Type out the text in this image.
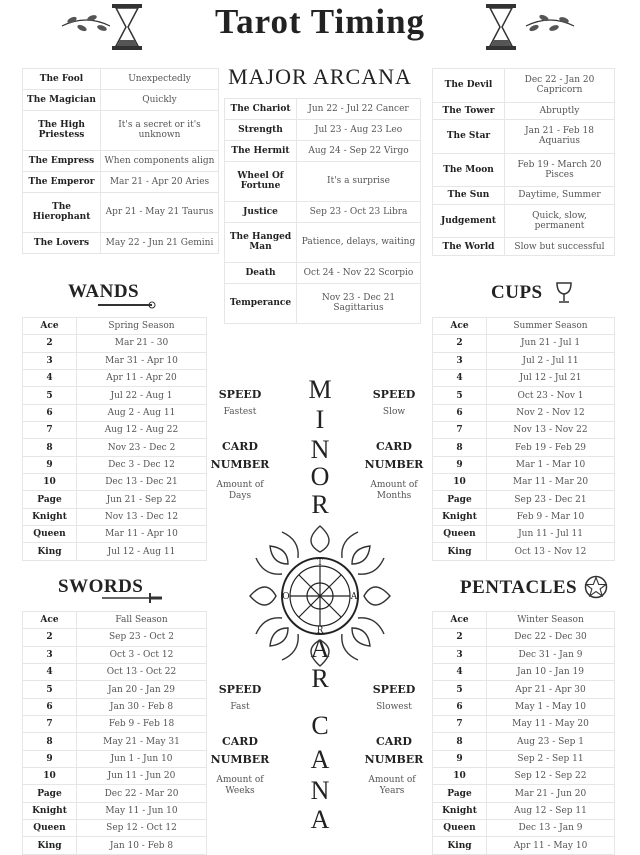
Tarot Timing
MAJOR ARCANA
The Fool	Unexpectedly
The Magician	Quickly
The High Priestess	It's a secret or it's unknown
The Empress	When components align
The Emperor	Mar 21 - Apr 20 Aries
The Hierophant	Apr 21 - May 21 Taurus
The Lovers	May 22 - Jun 21 Gemini
The Chariot	Jun 22 - Jul 22 Cancer
Strength	Jul 23 - Aug 23 Leo
The Hermit	Aug 24 - Sep 22 Virgo
Wheel Of Fortune	It's a surprise
Justice	Sep 23 - Oct 23 Libra
The Hanged Man	Patience, delays, waiting
Death	Oct 24 - Nov 22 Scorpio
Temperance	Nov 23 - Dec 21 Sagittarius
The Devil	Dec 22 - Jan 20 Capricorn
The Tower	Abruptly
The Star	Jan 21 - Feb 18 Aquarius
The Moon	Feb 19 - March 20 Pisces
The Sun	Daytime, Summer
Judgement	Quick, slow, permanent
The World	Slow but successful
WANDS	CUPS
SWORDS	PENTACLES
Ace	Spring Season
2	Mar 21 - 30
3	Mar 31 - Apr 10
4	Apr 11 - Apr 20
5	Jul 22 - Aug 1
6	Aug 2 - Aug 11
7	Aug 12 - Aug 22
8	Nov 23 - Dec 2
9	Dec 3 - Dec 12
10	Dec 13 - Dec 21
Page	Jun 21 - Sep 22
Knight	Nov 13 - Dec 12
Queen	Mar 11 - Apr 10
King	Jul 12 - Aug 11
Ace	Summer Season
2	Jun 21 - Jul 1
3	Jul 2 - Jul 11
4	Jul 12 - Jul 21
5	Oct 23 - Nov 1
6	Nov 2 - Nov 12
7	Nov 13 - Nov 22
8	Feb 19 - Feb 29
9	Mar 1 - Mar 10
10	Mar 11 - Mar 20
Page	Sep 23 - Dec 21
Knight	Feb 9 - Mar 10
Queen	Jun 11 - Jul 11
King	Oct 13 - Nov 12
Ace	Fall Season
2	Sep 23 - Oct 2
3	Oct 3 - Oct 12
4	Oct 13 - Oct 22
5	Jan 20 - Jan 29
6	Jan 30 - Feb 8
7	Feb 9 - Feb 18
8	May 21 - May 31
9	Jun 1 - Jun 10
10	Jun 11 - Jun 20
Page	Dec 22 - Mar 20
Knight	May 11 - Jun 10
Queen	Sep 12 - Oct 12
King	Jan 10 - Feb 8
Ace	Winter Season
2	Dec 22 - Dec 30
3	Dec 31 - Jan 9
4	Jan 10 - Jan 19
5	Apr 21 - Apr 30
6	May 1 - May 10
7	May 11 - May 20
8	Aug 23 - Sep 1
9	Sep 2 - Sep 11
10	Sep 12 - Sep 22
Page	Mar 21 - Jun 20
Knight	Aug 12 - Sep 11
Queen	Dec 13 - Jan 9
King	Apr 11 - May 10
SPEED
Fastest
CARD
NUMBER
Amount of Days
SPEED
Slow
CARD
NUMBER
Amount of Months
SPEED
Fast
CARD
NUMBER
Amount of Weeks
SPEED
Slowest
CARD
NUMBER
Amount of Years
M
I
N
O
R
A
R
C
A
N
A
T
A
R
O
